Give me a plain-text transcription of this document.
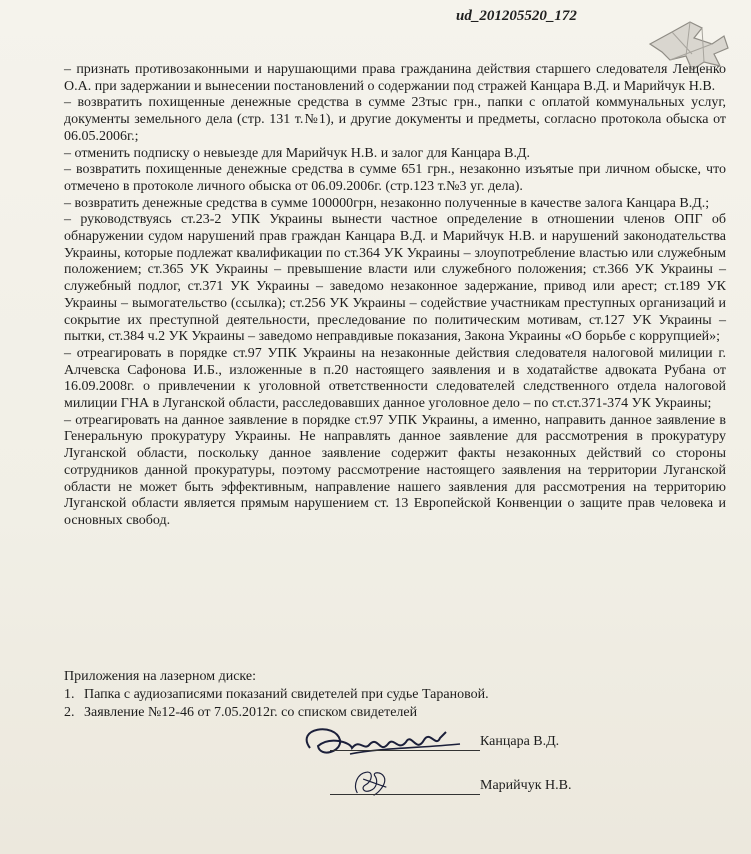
ud_201205520_172

– признать противозаконными и нарушающими права гражданина действия старшего следователя Лещенко О.А. при задержании и вынесении постановлений о содержании под стражей Канцара В.Д. и Марийчук Н.В.

– возвратить похищенные денежные средства в сумме 23тыс грн., папки с оплатой коммунальных услуг, документы земельного дела (стр. 131 т.№1), и другие документы и предметы, согласно протокола обыска от 06.05.2006г.;

– отменить подписку о невыезде для Марийчук Н.В. и залог для Канцара В.Д.

– возвратить похищенные денежные средства в сумме 651 грн., незаконно изъятые при личном обыске, что отмечено в протоколе личного обыска от 06.09.2006г. (стр.123 т.№3 уг. дела).

– возвратить денежные средства в сумме 100000грн, незаконно полученные в качестве залога Канцара В.Д.;

– руководствуясь ст.23-2 УПК Украины вынести частное определение в отношении членов ОПГ об обнаружении судом нарушений прав граждан Канцара В.Д. и Марийчук Н.В. и нарушений законодательства Украины, которые подлежат квалификации по ст.364 УК Украины – злоупотребление властью или служебным положением; ст.365 УК Украины – превышение власти или служебного положения; ст.366 УК Украины – служебный подлог, ст.371 УК Украины – заведомо незаконное задержание, привод или арест; ст.189 УК Украины – вымогательство (ссылка); ст.256 УК Украины – содействие участникам преступных организаций и сокрытие их преступной деятельности, преследование по политическим мотивам, ст.127 УК Украины – пытки, ст.384 ч.2 УК Украины – заведомо неправдивые показания, Закона Украины «О борьбе с коррупцией»;

– отреагировать в порядке ст.97 УПК Украины на незаконные действия следователя налоговой милиции г. Алчевска Сафонова И.Б., изложенные в п.20 настоящего заявления и в ходатайстве адвоката Рубана от 16.09.2008г. о привлечении к уголовной ответственности следователей следственного отдела налоговой милиции ГНА в Луганской области, расследовавших данное уголовное дело – по ст.ст.371-374 УК Украины;

– отреагировать на данное заявление в порядке ст.97 УПК Украины, а именно, направить данное заявление в Генеральную прокуратуру Украины. Не направлять данное заявление для рассмотрения в прокуратуру Луганской области, поскольку данное заявление содержит факты незаконных действий со стороны сотрудников данной прокуратуры, поэтому рассмотрение настоящего заявления на территории Луганской области не может быть эффективным, направление нашего заявления для рассмотрения на территорию Луганской области является прямым нарушением ст. 13 Европейской Конвенции о защите прав человека и основных свобод.

Приложения на лазерном диске:
1. Папка с аудиозаписями показаний свидетелей при судье Тарановой.
2. Заявление №12-46 от 7.05.2012г. со списком свидетелей
Канцара В.Д.
Марийчук Н.В.
